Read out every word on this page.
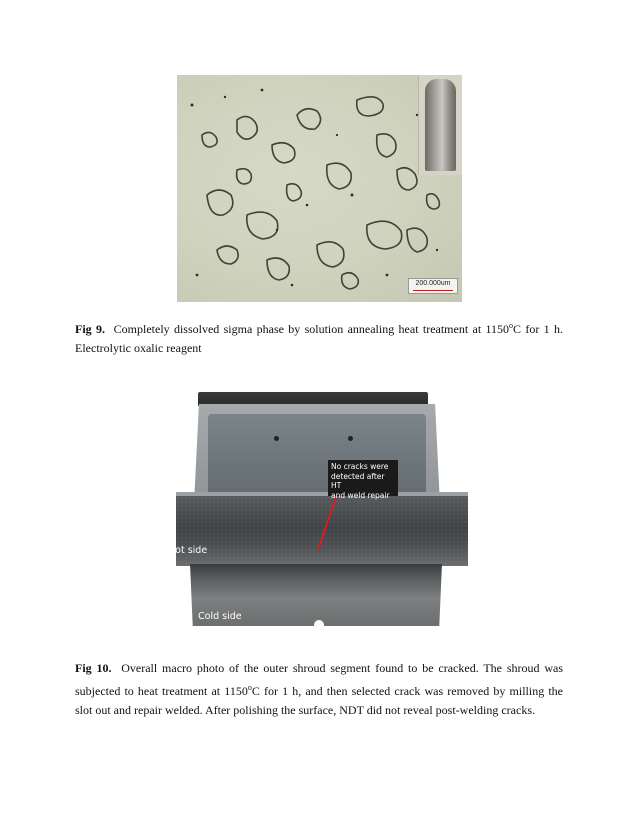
200.000um
Fig 9. Completely dissolved sigma phase by solution annealing heat treatment at 1150$^o$C for 1 h. Electrolytic oxalic reagent
No cracks were
detected after HT
and weld repair
Hot side
Cold side
Fig 10. Overall macro photo of the outer shroud segment found to be cracked. The shroud was subjected to heat treatment at 1150$^o$C for 1 h, and then selected crack was removed by milling the slot out and repair welded. After polishing the surface, NDT did not reveal post-welding cracks.
